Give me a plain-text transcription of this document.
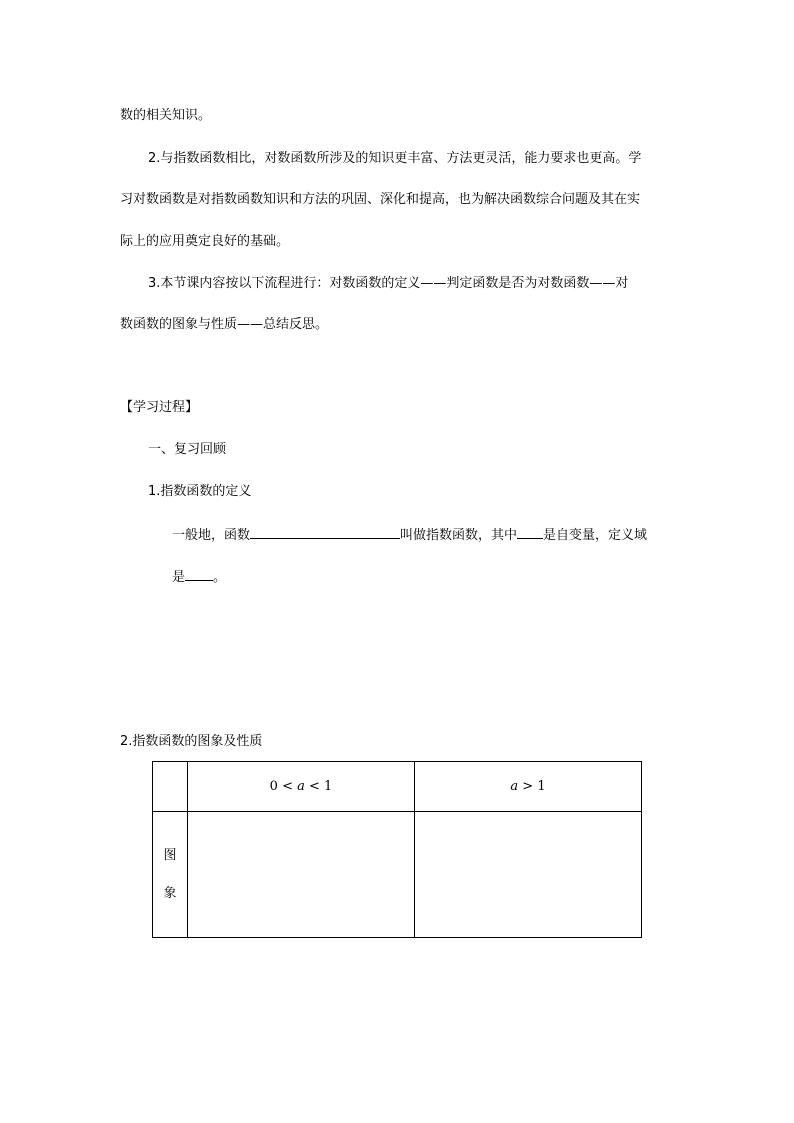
数的相关知识。
2.与指数函数相比，对数函数所涉及的知识更丰富、方法更灵活，能力要求也更高。学
习对数函数是对指数函数知识和方法的巩固、深化和提高，也为解决函数综合问题及其在实
际上的应用奠定良好的基础。
3.本节课内容按以下流程进行：对数函数的定义——判定函数是否为对数函数——对
数函数的图象与性质——总结反思。
【学习过程】
一、复习回顾
1.指数函数的定义
一般地，函数	叫做指数函数，其中 是自变量，定义域
是 。
2.指数函数的图象及性质
	0 < a < 1	a > 1
图
象		
